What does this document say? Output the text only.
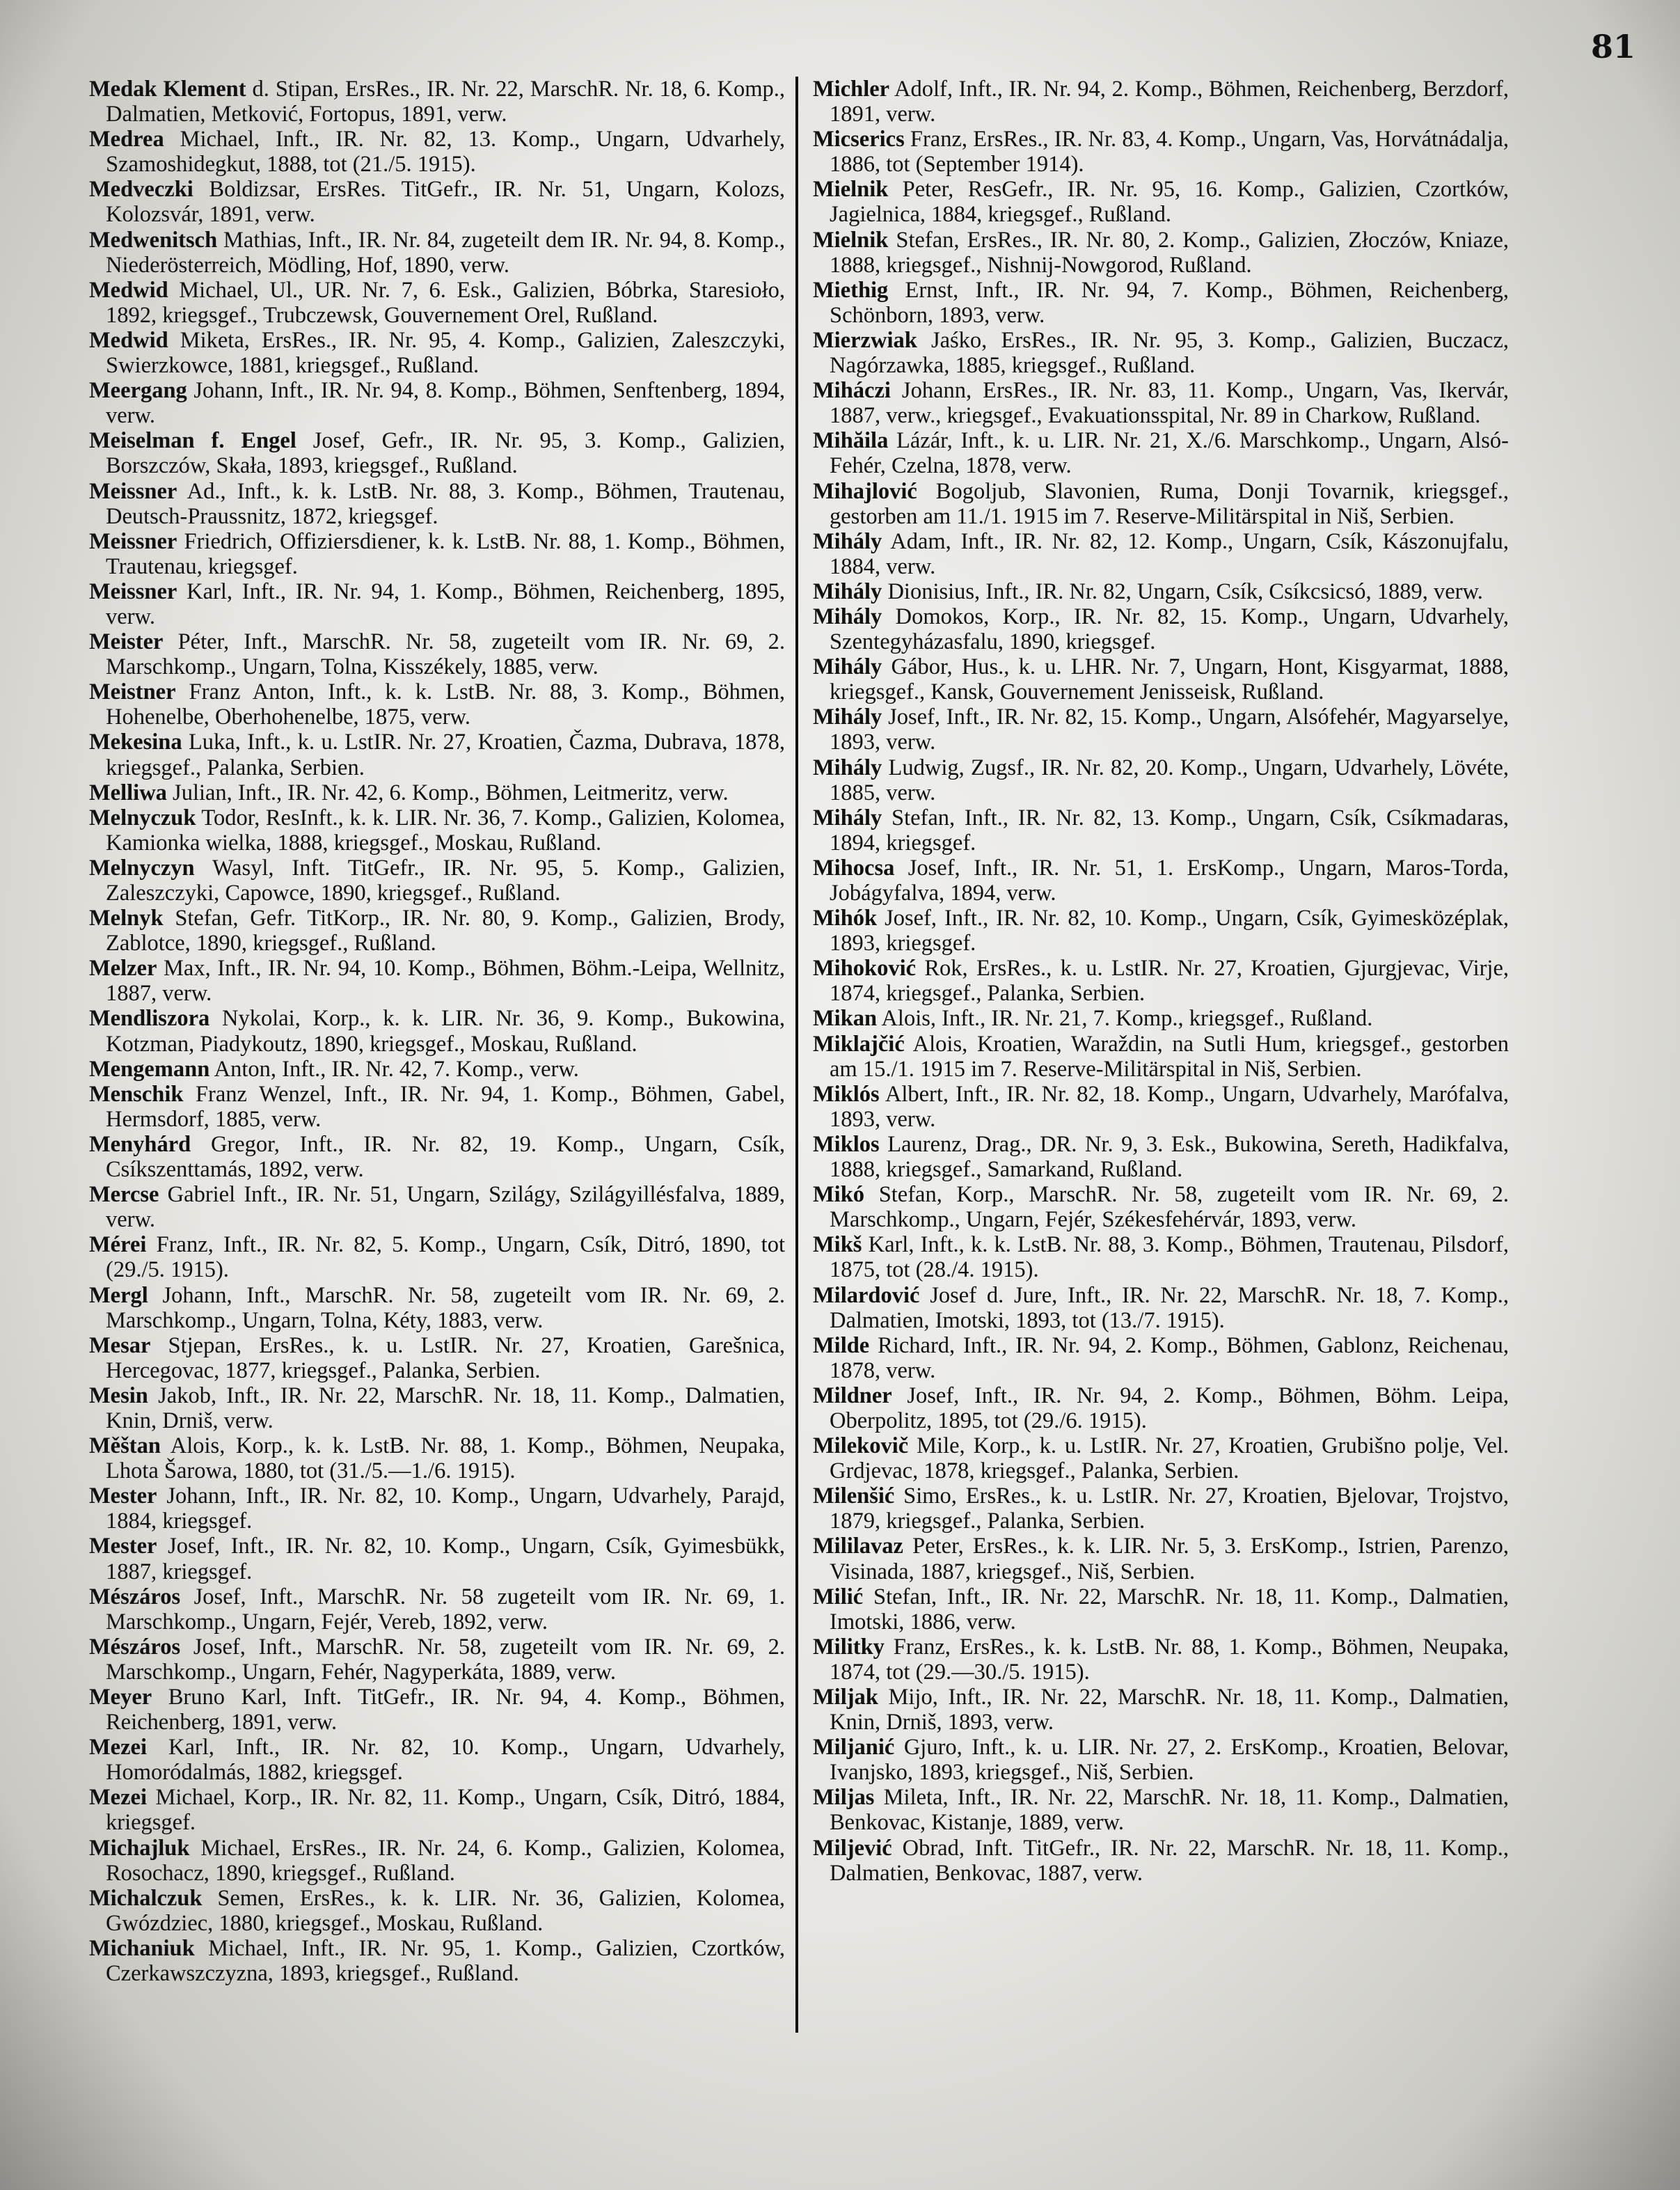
81
Medak Klement d. Stipan, ErsRes., IR. Nr. 22, MarschR. Nr. 18, 6. Komp., Dalmatien, Metković, Fortopus, 1891, verw.
Medrea Michael, Inft., IR. Nr. 82, 13. Komp., Ungarn, Udvarhely, Szamoshidegkut, 1888, tot (21./5. 1915).
Medveczki Boldizsar, ErsRes. TitGefr., IR. Nr. 51, Ungarn, Kolozs, Kolozsvár, 1891, verw.
Medwenitsch Mathias, Inft., IR. Nr. 84, zugeteilt dem IR. Nr. 94, 8. Komp., Niederösterreich, Mödling, Hof, 1890, verw.
Medwid Michael, Ul., UR. Nr. 7, 6. Esk., Galizien, Bóbrka, Staresioło, 1892, kriegsgef., Trubczewsk, Gouvernement Orel, Rußland.
Medwid Miketa, ErsRes., IR. Nr. 95, 4. Komp., Galizien, Zaleszczyki, Swierzkowce, 1881, kriegsgef., Rußland.
Meergang Johann, Inft., IR. Nr. 94, 8. Komp., Böhmen, Senftenberg, 1894, verw.
Meiselman f. Engel Josef, Gefr., IR. Nr. 95, 3. Komp., Galizien, Borszczów, Skała, 1893, kriegsgef., Rußland.
Meissner Ad., Inft., k. k. LstB. Nr. 88, 3. Komp., Böhmen, Trautenau, Deutsch-Praussnitz, 1872, kriegsgef.
Meissner Friedrich, Offiziersdiener, k. k. LstB. Nr. 88, 1. Komp., Böhmen, Trautenau, kriegsgef.
Meissner Karl, Inft., IR. Nr. 94, 1. Komp., Böhmen, Reichenberg, 1895, verw.
Meister Péter, Inft., MarschR. Nr. 58, zugeteilt vom IR. Nr. 69, 2. Marschkomp., Ungarn, Tolna, Kisszékely, 1885, verw.
Meistner Franz Anton, Inft., k. k. LstB. Nr. 88, 3. Komp., Böhmen, Hohenelbe, Oberhohenelbe, 1875, verw.
Mekesina Luka, Inft., k. u. LstIR. Nr. 27, Kroatien, Čazma, Dubrava, 1878, kriegsgef., Palanka, Serbien.
Melliwa Julian, Inft., IR. Nr. 42, 6. Komp., Böhmen, Leitmeritz, verw.
Melnyczuk Todor, ResInft., k. k. LIR. Nr. 36, 7. Komp., Galizien, Kolomea, Kamionka wielka, 1888, kriegsgef., Moskau, Rußland.
Melnyczyn Wasyl, Inft. TitGefr., IR. Nr. 95, 5. Komp., Galizien, Zaleszczyki, Capowce, 1890, kriegsgef., Rußland.
Melnyk Stefan, Gefr. TitKorp., IR. Nr. 80, 9. Komp., Galizien, Brody, Zablotce, 1890, kriegsgef., Rußland.
Melzer Max, Inft., IR. Nr. 94, 10. Komp., Böhmen, Böhm.-Leipa, Wellnitz, 1887, verw.
Mendliszora Nykolai, Korp., k. k. LIR. Nr. 36, 9. Komp., Bukowina, Kotzman, Piadykoutz, 1890, kriegsgef., Moskau, Rußland.
Mengemann Anton, Inft., IR. Nr. 42, 7. Komp., verw.
Menschik Franz Wenzel, Inft., IR. Nr. 94, 1. Komp., Böhmen, Gabel, Hermsdorf, 1885, verw.
Menyhárd Gregor, Inft., IR. Nr. 82, 19. Komp., Ungarn, Csík, Csíkszenttamás, 1892, verw.
Mercse Gabriel Inft., IR. Nr. 51, Ungarn, Szilágy, Szilágyillésfalva, 1889, verw.
Mérei Franz, Inft., IR. Nr. 82, 5. Komp., Ungarn, Csík, Ditró, 1890, tot (29./5. 1915).
Mergl Johann, Inft., MarschR. Nr. 58, zugeteilt vom IR. Nr. 69, 2. Marschkomp., Ungarn, Tolna, Kéty, 1883, verw.
Mesar Stjepan, ErsRes., k. u. LstIR. Nr. 27, Kroatien, Garešnica, Hercegovac, 1877, kriegsgef., Palanka, Serbien.
Mesin Jakob, Inft., IR. Nr. 22, MarschR. Nr. 18, 11. Komp., Dalmatien, Knin, Drniš, verw.
Měštan Alois, Korp., k. k. LstB. Nr. 88, 1. Komp., Böhmen, Neupaka, Lhota Šarowa, 1880, tot (31./5.—1./6. 1915).
Mester Johann, Inft., IR. Nr. 82, 10. Komp., Ungarn, Udvarhely, Parajd, 1884, kriegsgef.
Mester Josef, Inft., IR. Nr. 82, 10. Komp., Ungarn, Csík, Gyimesbükk, 1887, kriegsgef.
Mészáros Josef, Inft., MarschR. Nr. 58 zugeteilt vom IR. Nr. 69, 1. Marschkomp., Ungarn, Fejér, Vereb, 1892, verw.
Mészáros Josef, Inft., MarschR. Nr. 58, zugeteilt vom IR. Nr. 69, 2. Marschkomp., Ungarn, Fehér, Nagyperkáta, 1889, verw.
Meyer Bruno Karl, Inft. TitGefr., IR. Nr. 94, 4. Komp., Böhmen, Reichenberg, 1891, verw.
Mezei Karl, Inft., IR. Nr. 82, 10. Komp., Ungarn, Udvarhely, Homoródalmás, 1882, kriegsgef.
Mezei Michael, Korp., IR. Nr. 82, 11. Komp., Ungarn, Csík, Ditró, 1884, kriegsgef.
Michajluk Michael, ErsRes., IR. Nr. 24, 6. Komp., Galizien, Kolomea, Rosochacz, 1890, kriegsgef., Rußland.
Michalczuk Semen, ErsRes., k. k. LIR. Nr. 36, Galizien, Kolomea, Gwózdziec, 1880, kriegsgef., Moskau, Rußland.
Michaniuk Michael, Inft., IR. Nr. 95, 1. Komp., Galizien, Czortków, Czerkawszczyzna, 1893, kriegsgef., Rußland.
Michler Adolf, Inft., IR. Nr. 94, 2. Komp., Böhmen, Reichenberg, Berzdorf, 1891, verw.
Micserics Franz, ErsRes., IR. Nr. 83, 4. Komp., Ungarn, Vas, Horvátnádalja, 1886, tot (September 1914).
Mielnik Peter, ResGefr., IR. Nr. 95, 16. Komp., Galizien, Czortków, Jagielnica, 1884, kriegsgef., Rußland.
Mielnik Stefan, ErsRes., IR. Nr. 80, 2. Komp., Galizien, Złoczów, Kniaze, 1888, kriegsgef., Nishnij-Nowgorod, Rußland.
Miethig Ernst, Inft., IR. Nr. 94, 7. Komp., Böhmen, Reichenberg, Schönborn, 1893, verw.
Mierzwiak Jaśko, ErsRes., IR. Nr. 95, 3. Komp., Galizien, Buczacz, Nagórzawka, 1885, kriegsgef., Rußland.
Miháczi Johann, ErsRes., IR. Nr. 83, 11. Komp., Ungarn, Vas, Ikervár, 1887, verw., kriegsgef., Evakuationsspital, Nr. 89 in Charkow, Rußland.
Mihăila Lázár, Inft., k. u. LIR. Nr. 21, X./6. Marschkomp., Ungarn, Alsó-Fehér, Czelna, 1878, verw.
Mihajlović Bogoljub, Slavonien, Ruma, Donji Tovarnik, kriegsgef., gestorben am 11./1. 1915 im 7. Reserve-Militärspital in Niš, Serbien.
Mihály Adam, Inft., IR. Nr. 82, 12. Komp., Ungarn, Csík, Kászonujfalu, 1884, verw.
Mihály Dionisius, Inft., IR. Nr. 82, Ungarn, Csík, Csíkcsicsó, 1889, verw.
Mihály Domokos, Korp., IR. Nr. 82, 15. Komp., Ungarn, Udvarhely, Szentegyházasfalu, 1890, kriegsgef.
Mihály Gábor, Hus., k. u. LHR. Nr. 7, Ungarn, Hont, Kisgyarmat, 1888, kriegsgef., Kansk, Gouvernement Jenisseisk, Rußland.
Mihály Josef, Inft., IR. Nr. 82, 15. Komp., Ungarn, Alsófehér, Magyarselye, 1893, verw.
Mihály Ludwig, Zugsf., IR. Nr. 82, 20. Komp., Ungarn, Udvarhely, Lövéte, 1885, verw.
Mihály Stefan, Inft., IR. Nr. 82, 13. Komp., Ungarn, Csík, Csíkmadaras, 1894, kriegsgef.
Mihocsa Josef, Inft., IR. Nr. 51, 1. ErsKomp., Ungarn, Maros-Torda, Jobágyfalva, 1894, verw.
Mihók Josef, Inft., IR. Nr. 82, 10. Komp., Ungarn, Csík, Gyimesközéplak, 1893, kriegsgef.
Mihoković Rok, ErsRes., k. u. LstIR. Nr. 27, Kroatien, Gjurgjevac, Virje, 1874, kriegsgef., Palanka, Serbien.
Mikan Alois, Inft., IR. Nr. 21, 7. Komp., kriegsgef., Rußland.
Miklajčić Alois, Kroatien, Waraždin, na Sutli Hum, kriegsgef., gestorben am 15./1. 1915 im 7. Reserve-Militärspital in Niš, Serbien.
Miklós Albert, Inft., IR. Nr. 82, 18. Komp., Ungarn, Udvarhely, Marófalva, 1893, verw.
Miklos Laurenz, Drag., DR. Nr. 9, 3. Esk., Bukowina, Sereth, Hadikfalva, 1888, kriegsgef., Samarkand, Rußland.
Mikó Stefan, Korp., MarschR. Nr. 58, zugeteilt vom IR. Nr. 69, 2. Marschkomp., Ungarn, Fejér, Székesfehérvár, 1893, verw.
Mikš Karl, Inft., k. k. LstB. Nr. 88, 3. Komp., Böhmen, Trautenau, Pilsdorf, 1875, tot (28./4. 1915).
Milardović Josef d. Jure, Inft., IR. Nr. 22, MarschR. Nr. 18, 7. Komp., Dalmatien, Imotski, 1893, tot (13./7. 1915).
Milde Richard, Inft., IR. Nr. 94, 2. Komp., Böhmen, Gablonz, Reichenau, 1878, verw.
Mildner Josef, Inft., IR. Nr. 94, 2. Komp., Böhmen, Böhm. Leipa, Oberpolitz, 1895, tot (29./6. 1915).
Milekovič Mile, Korp., k. u. LstIR. Nr. 27, Kroatien, Grubišno polje, Vel. Grdjevac, 1878, kriegsgef., Palanka, Serbien.
Milenšić Simo, ErsRes., k. u. LstIR. Nr. 27, Kroatien, Bjelovar, Trojstvo, 1879, kriegsgef., Palanka, Serbien.
Mililavaz Peter, ErsRes., k. k. LIR. Nr. 5, 3. ErsKomp., Istrien, Parenzo, Visinada, 1887, kriegsgef., Niš, Serbien.
Milić Stefan, Inft., IR. Nr. 22, MarschR. Nr. 18, 11. Komp., Dalmatien, Imotski, 1886, verw.
Militky Franz, ErsRes., k. k. LstB. Nr. 88, 1. Komp., Böhmen, Neupaka, 1874, tot (29.—30./5. 1915).
Miljak Mijo, Inft., IR. Nr. 22, MarschR. Nr. 18, 11. Komp., Dalmatien, Knin, Drniš, 1893, verw.
Miljanić Gjuro, Inft., k. u. LIR. Nr. 27, 2. ErsKomp., Kroatien, Belovar, Ivanjsko, 1893, kriegsgef., Niš, Serbien.
Miljas Mileta, Inft., IR. Nr. 22, MarschR. Nr. 18, 11. Komp., Dalmatien, Benkovac, Kistanje, 1889, verw.
Miljević Obrad, Inft. TitGefr., IR. Nr. 22, MarschR. Nr. 18, 11. Komp., Dalmatien, Benkovac, 1887, verw.
